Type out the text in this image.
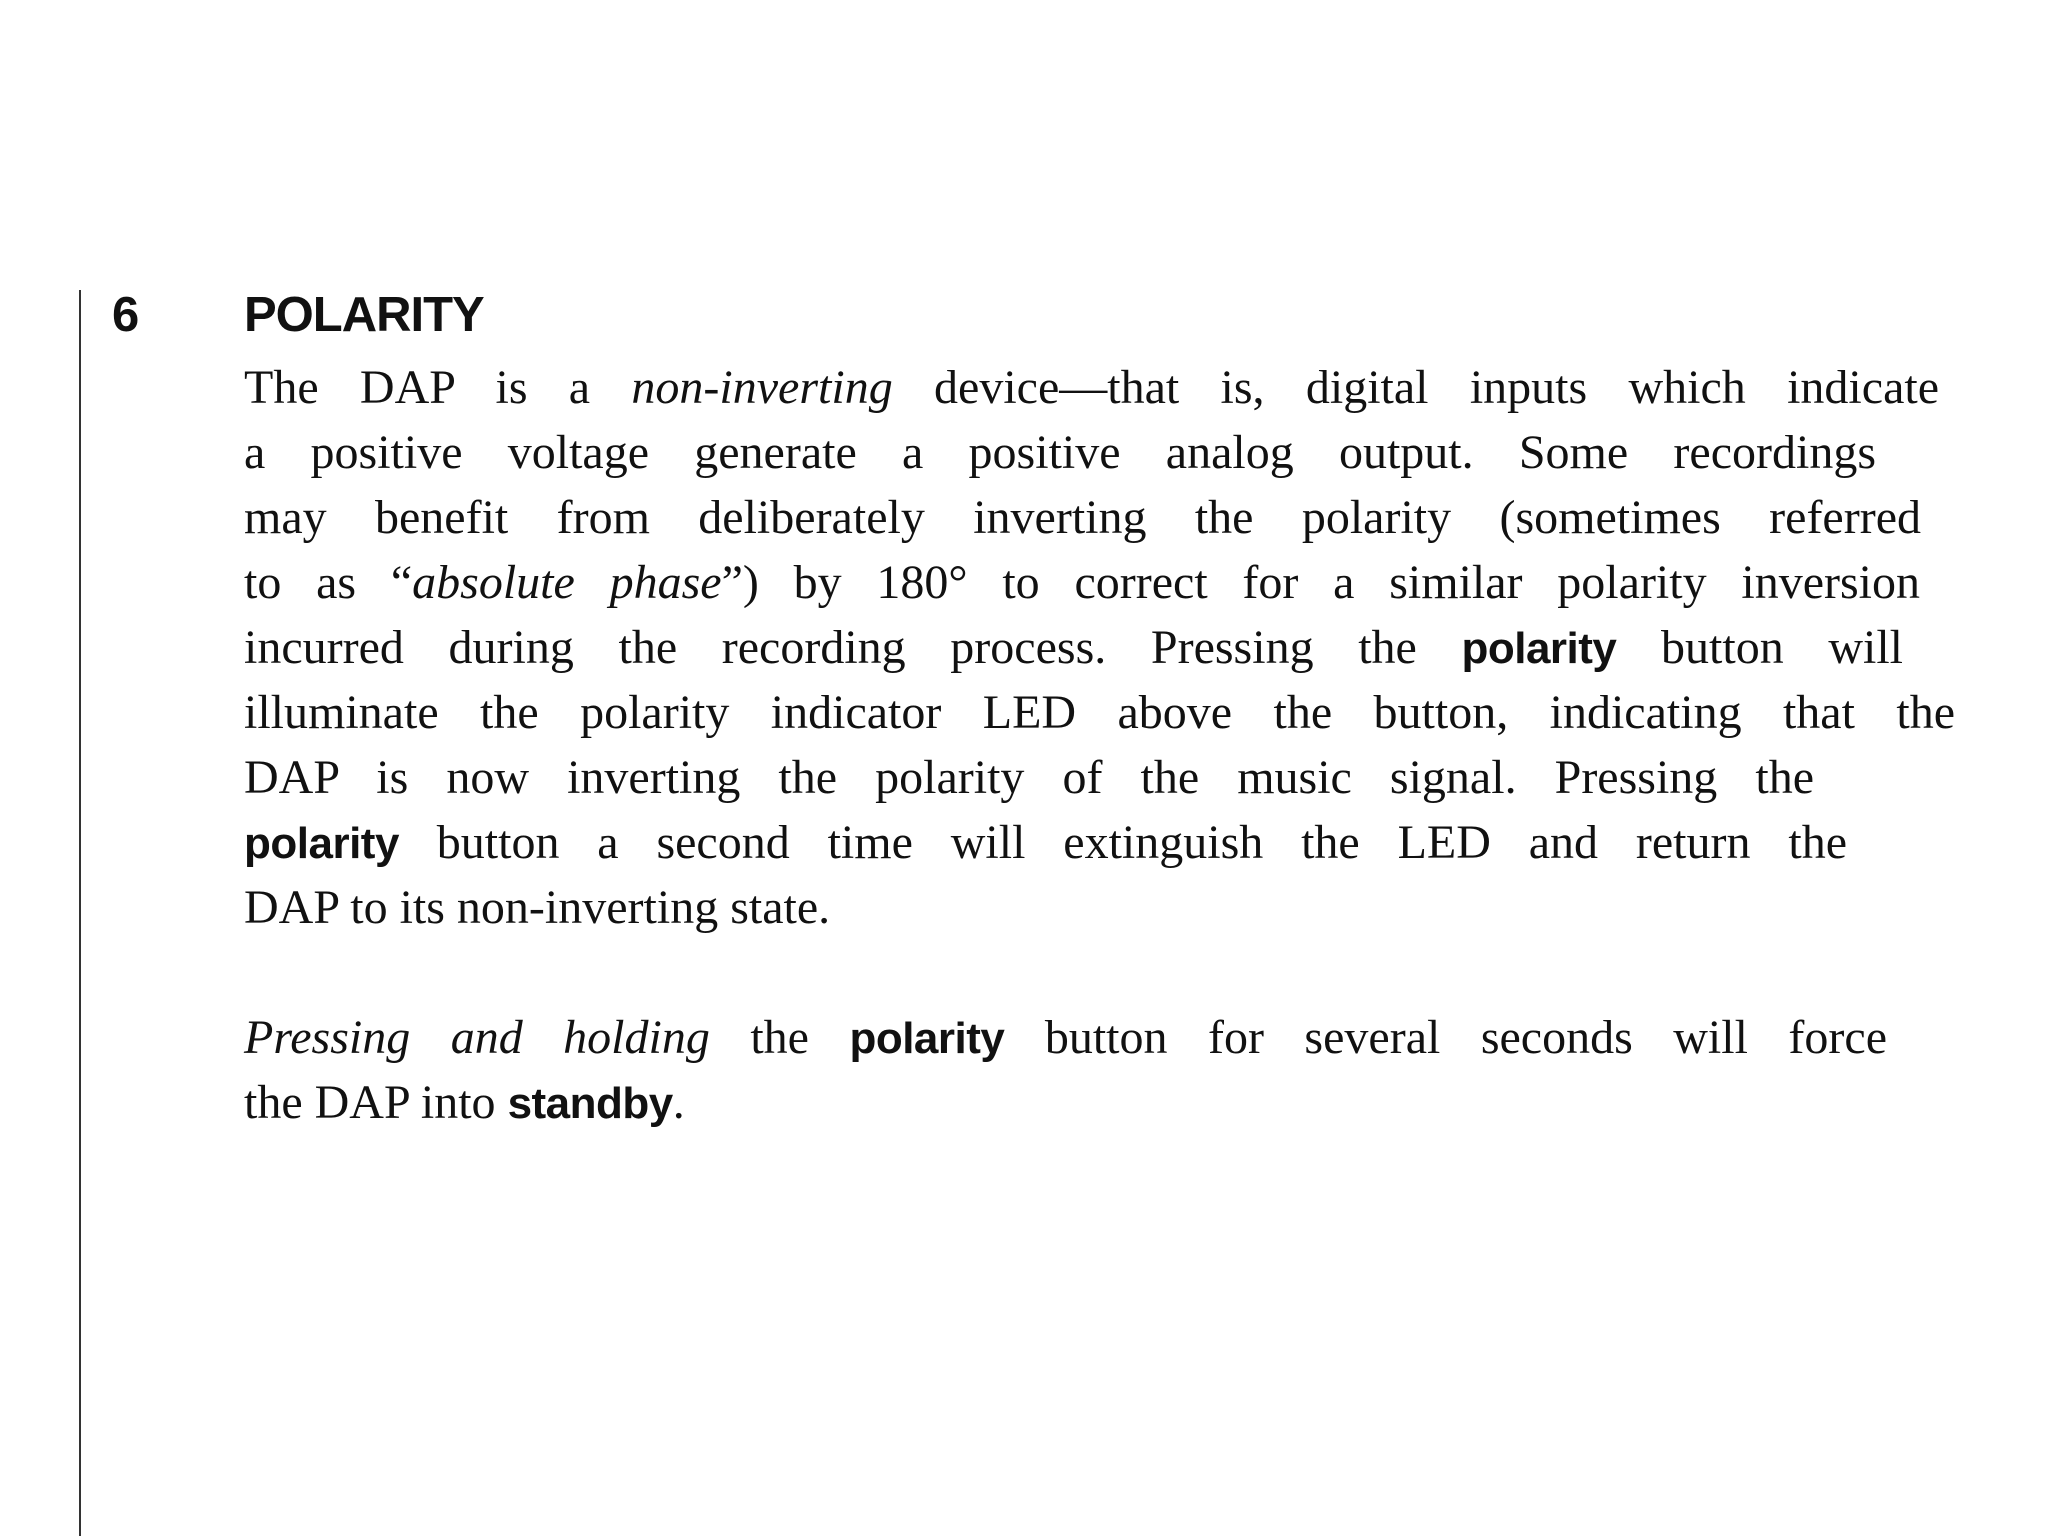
6 POLARITY
The DAP is a non-inverting device—that is, digital inputs which indicate
a positive voltage generate a positive analog output. Some recordings
may benefit from deliberately inverting the polarity (sometimes referred
to as “absolute phase”) by 180° to correct for a similar polarity inversion
incurred during the recording process. Pressing the polarity button will
illuminate the polarity indicator LED above the button, indicating that the
DAP is now inverting the polarity of the music signal. Pressing the
polarity button a second time will extinguish the LED and return the
DAP to its non-inverting state.
Pressing and holding the polarity button for several seconds will force
the DAP into standby.
